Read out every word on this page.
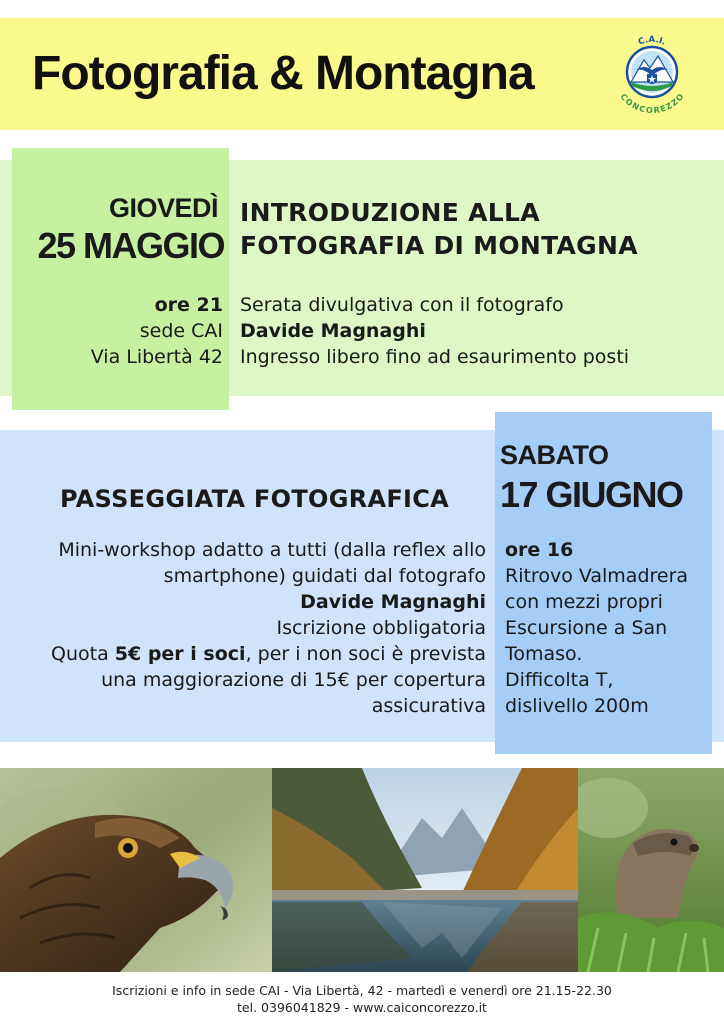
Fotografia & Montagna
C.A.I.
CONCOREZZO
GIOVEDÌ
25 MAGGIO
INTRODUZIONE ALLA
FOTOGRAFIA DI MONTAGNA
ore 21
sede CAI
Via Libertà 42
Serata divulgativa con il fotografo
Davide Magnaghi
Ingresso libero fino ad esaurimento posti
PASSEGGIATA FOTOGRAFICA
SABATO
17 GIUGNO
Mini-workshop adatto a tutti (dalla reflex allo
smartphone) guidati dal fotografo
Davide Magnaghi
Iscrizione obbligatoria
Quota 5€ per i soci, per i non soci è prevista
una maggiorazione di 15€ per copertura
assicurativa
ore 16
Ritrovo Valmadrera
con mezzi propri
Escursione a San
Tomaso.
Difficolta T,
dislivello 200m
Iscrizioni e info in sede CAI - Via Libertà, 42 - martedì e venerdì ore 21.15-22.30
tel. 0396041829 - www.caiconcorezzo.it
